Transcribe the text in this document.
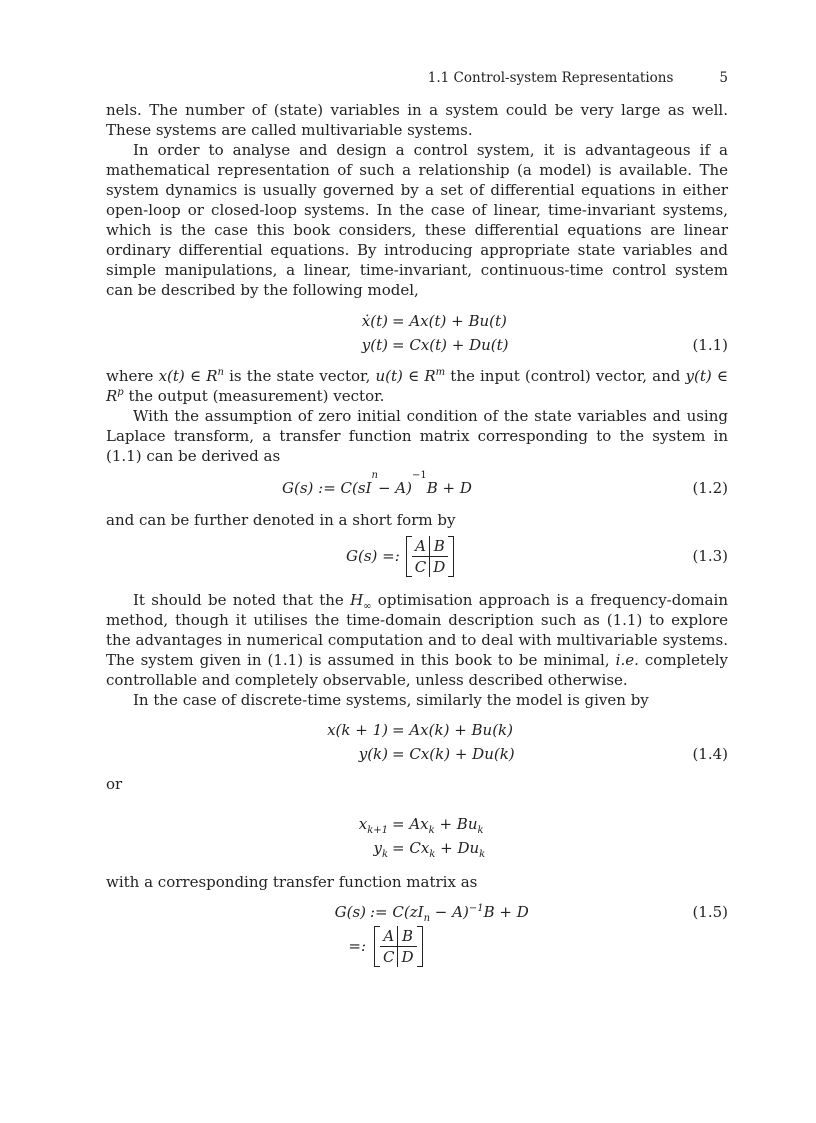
1.1 Control-system Representations	5

nels. The number of (state) variables in a system could be very large as well. These systems are called multivariable systems.

In order to analyse and design a control system, it is advantageous if a mathematical representation of such a relationship (a model) is available. The system dynamics is usually governed by a set of differential equations in either open-loop or closed-loop systems. In the case of linear, time-invariant systems, which is the case this book considers, these differential equations are linear ordinary differential equations. By introducing appropriate state variables and simple manipulations, a linear, time-invariant, continuous-time control system can be described by the following model,

ẋ(t) = Ax(t) + Bu(t)
y(t) = Cx(t) + Du(t)	(1.1)

where x(t) ∈ $R^n$ is the state vector, u(t) ∈ $R^m$ the input (control) vector, and y(t) ∈ $R^p$ the output (measurement) vector.

With the assumption of zero initial condition of the state variables and using Laplace transform, a transfer function matrix corresponding to the system in (1.1) can be derived as

G(s) := C(sI
n
− A)
−1
B + D	(1.2)

and can be further denoted in a short form by

G(s) =:
A B
C D
(1.3)

It should be noted that the $H_\infty$ optimisation approach is a frequency-domain method, though it utilises the time-domain description such as (1.1) to explore the advantages in numerical computation and to deal with multivariable systems. The system given in (1.1) is assumed in this book to be minimal, i.e. completely controllable and completely observable, unless described otherwise.

In the case of discrete-time systems, similarly the model is given by

x(k + 1) = Ax(k) + Bu(k)
y(k) = Cx(k) + Du(k)	(1.4)

or

$x_{k+1} = Ax_k + Bu_k$
$y_k = Cx_k + Du_k$

with a corresponding transfer function matrix as

G(s) := $C(zI_n - A)^{-1}B + D$
=:
A B
C D
(1.5)
